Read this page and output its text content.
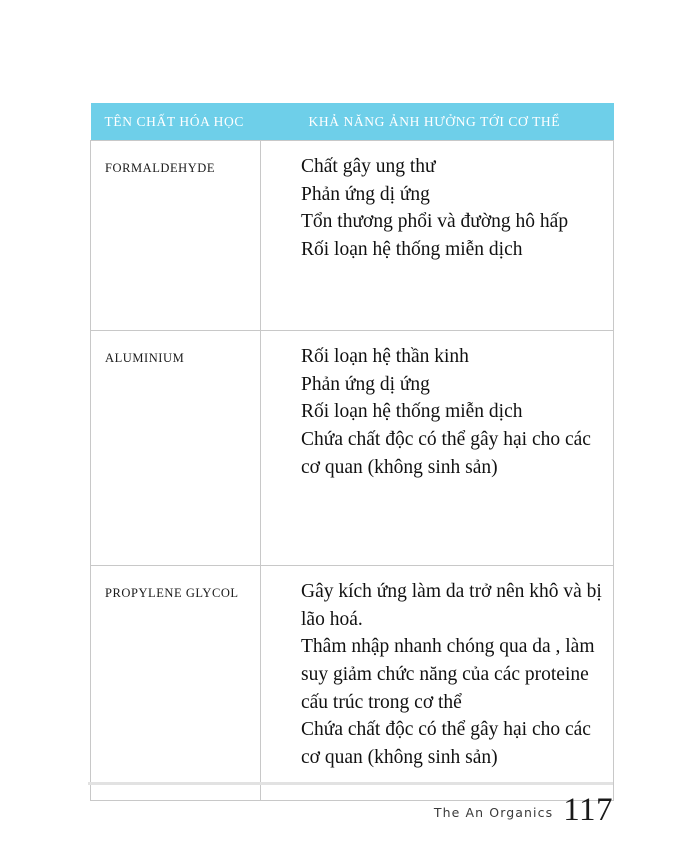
TÊN CHẤT HÓA HỌC	KHẢ NĂNG ẢNH HƯỞNG TỚI CƠ THỂ
FORMALDEHYDE	Chất gây ung thư
Phản ứng dị ứng
Tổn thương phổi và đường hô hấp
Rối loạn hệ thống miễn dịch

ALUMINIUM	Rối loạn hệ thần kinh
Phản ứng dị ứng
Rối loạn hệ thống miễn dịch
Chứa chất độc có thể gây hại cho các cơ quan (không sinh sản)

PROPYLENE GLYCOL	Gây kích ứng làm da trở nên khô và bị lão hoá.
Thâm nhập nhanh chóng qua da , làm suy giảm chức năng của các proteine cấu trúc trong cơ thể
Chứa chất độc có thể gây hại cho các cơ quan (không sinh sản)
The An Organics 117
